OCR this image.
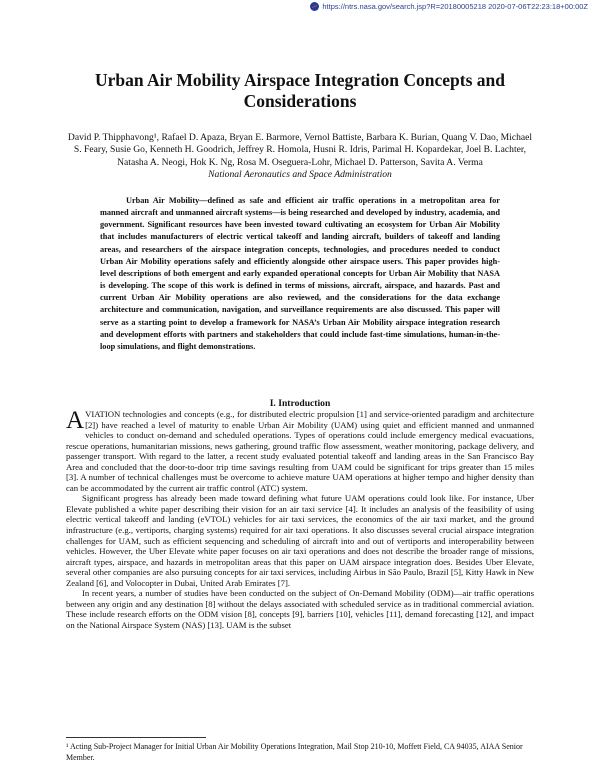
https://ntrs.nasa.gov/search.jsp?R=20180005218 2020-07-06T22:23:18+00:00Z
Urban Air Mobility Airspace Integration Concepts and Considerations

David P. Thipphavong¹, Rafael D. Apaza, Bryan E. Barmore, Vernol Battiste, Barbara K. Burian, Quang V. Dao, Michael S. Feary, Susie Go, Kenneth H. Goodrich, Jeffrey R. Homola, Husni R. Idris, Parimal H. Kopardekar, Joel B. Lachter, Natasha A. Neogi, Hok K. Ng, Rosa M. Oseguera-Lohr, Michael D. Patterson, Savita A. Verma

National Aeronautics and Space Administration

Urban Air Mobility—defined as safe and efficient air traffic operations in a metropolitan area for manned aircraft and unmanned aircraft systems—is being researched and developed by industry, academia, and government. Significant resources have been invested toward cultivating an ecosystem for Urban Air Mobility that includes manufacturers of electric vertical takeoff and landing aircraft, builders of takeoff and landing areas, and researchers of the airspace integration concepts, technologies, and procedures needed to conduct Urban Air Mobility operations safely and efficiently alongside other airspace users. This paper provides high-level descriptions of both emergent and early expanded operational concepts for Urban Air Mobility that NASA is developing. The scope of this work is defined in terms of missions, aircraft, airspace, and hazards. Past and current Urban Air Mobility operations are also reviewed, and the considerations for the data exchange architecture and communication, navigation, and surveillance requirements are also discussed. This paper will serve as a starting point to develop a framework for NASA’s Urban Air Mobility airspace integration research and development efforts with partners and stakeholders that could include fast-time simulations, human-in-the-loop simulations, and flight demonstrations.

I. Introduction

AVIATION technologies and concepts (e.g., for distributed electric propulsion [1] and service-oriented paradigm and architecture [2]) have reached a level of maturity to enable Urban Air Mobility (UAM) using quiet and efficient manned and unmanned vehicles to conduct on-demand and scheduled operations. Types of operations could include emergency medical evacuations, rescue operations, humanitarian missions, news gathering, ground traffic flow assessment, weather monitoring, package delivery, and passenger transport. With regard to the latter, a recent study evaluated potential takeoff and landing areas in the San Francisco Bay Area and concluded that the door-to-door trip time savings resulting from UAM could be significant for trips greater than 15 miles [3]. A number of technical challenges must be overcome to achieve mature UAM operations at higher tempo and higher density than can be accommodated by the current air traffic control (ATC) system.

Significant progress has already been made toward defining what future UAM operations could look like. For instance, Uber Elevate published a white paper describing their vision for an air taxi service [4]. It includes an analysis of the feasibility of using electric vertical takeoff and landing (eVTOL) vehicles for air taxi services, the economics of the air taxi market, and the ground infrastructure (e.g., vertiports, charging systems) required for air taxi operations. It also discusses several crucial airspace integration challenges for UAM, such as efficient sequencing and scheduling of aircraft into and out of vertiports and interoperability between vehicles. However, the Uber Elevate white paper focuses on air taxi operations and does not describe the broader range of missions, aircraft types, airspace, and hazards in metropolitan areas that this paper on UAM airspace integration does. Besides Uber Elevate, several other companies are also pursuing concepts for air taxi services, including Airbus in São Paulo, Brazil [5], Kitty Hawk in New Zealand [6], and Volocopter in Dubai, United Arab Emirates [7].

In recent years, a number of studies have been conducted on the subject of On-Demand Mobility (ODM)—air traffic operations between any origin and any destination [8] without the delays associated with scheduled service as in traditional commercial aviation. These include research efforts on the ODM vision [8], concepts [9], barriers [10], vehicles [11], demand forecasting [12], and impact on the National Airspace System (NAS) [13]. UAM is the subset

¹ Acting Sub-Project Manager for Initial Urban Air Mobility Operations Integration, Mail Stop 210-10, Moffett Field, CA 94035, AIAA Senior Member.
